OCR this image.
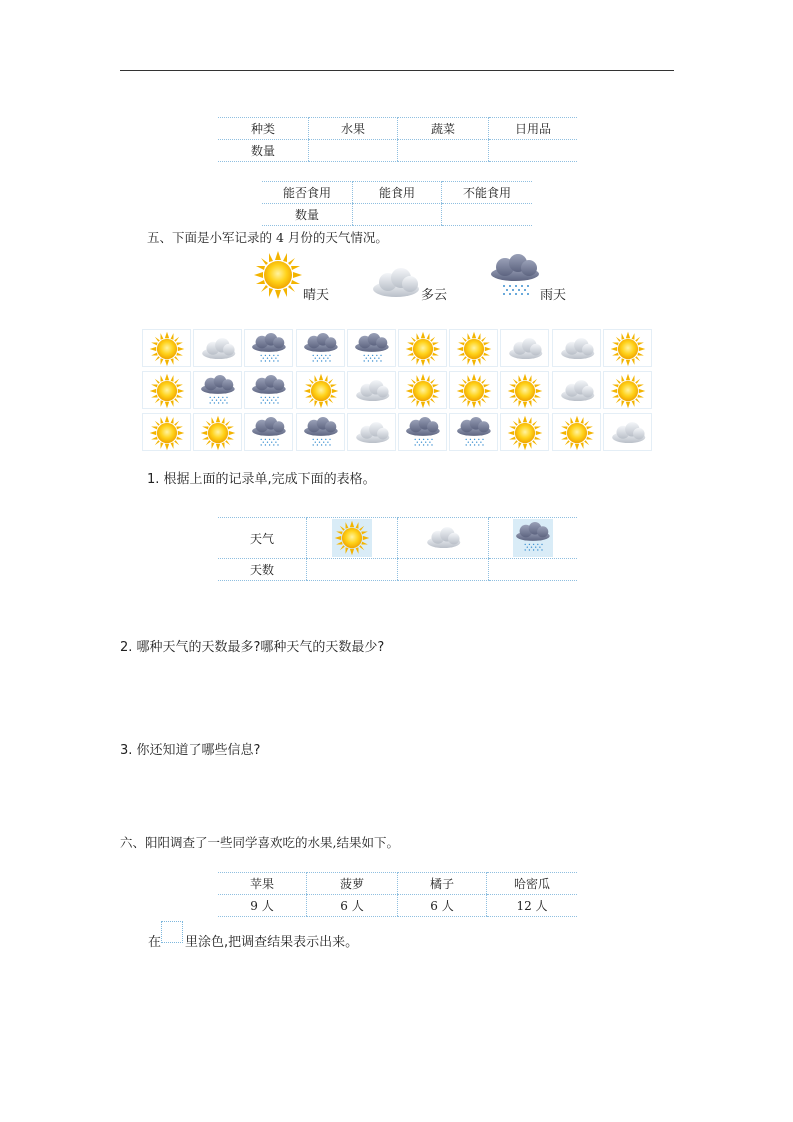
种类	水果	蔬菜	日用品
数量			
能否食用	能食用	不能食用
数量		
五、下面是小军记录的 4 月份的天气情况。
晴天	多云	雨天
1. 根据上面的记录单,完成下面的表格。
天气			
天数			
2. 哪种天气的天数最多?哪种天气的天数最少?
3. 你还知道了哪些信息?
六、阳阳调查了一些同学喜欢吃的水果,结果如下。
苹果	菠萝	橘子	哈密瓜
9 人	6 人	6 人	12 人
在 里涂色,把调查结果表示出来。
